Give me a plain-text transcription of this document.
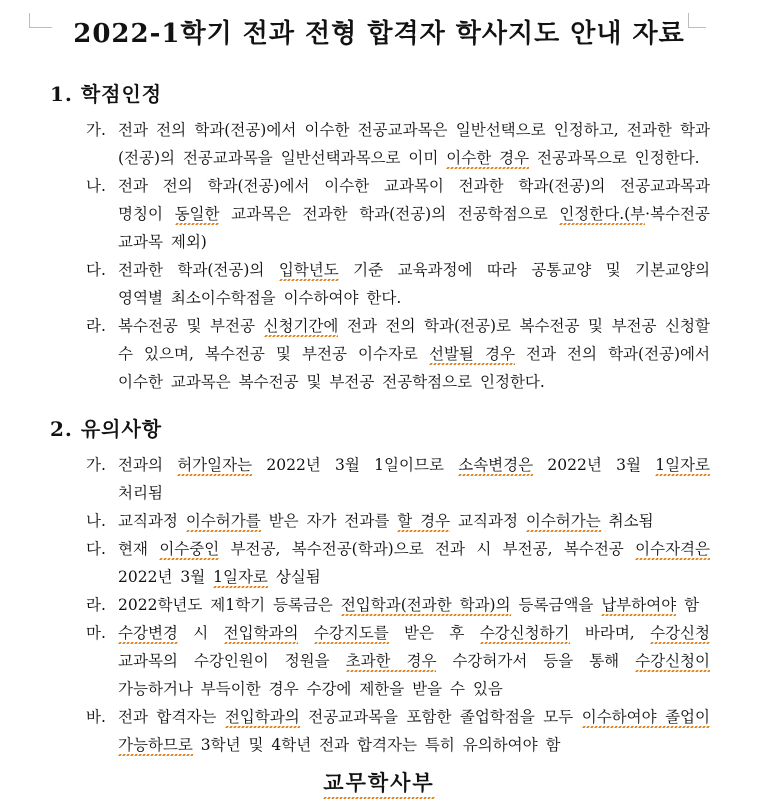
2022-1학기 전과 전형 합격자 학사지도 안내 자료
1. 학점인정
가. 전과 전의 학과(전공)에서 이수한 전공교과목은 일반선택으로 인정하고, 전과한 학과(전공)의 전공교과목을 일반선택과목으로 이미 이수한 경우 전공과목으로 인정한다.
나. 전과 전의 학과(전공)에서 이수한 교과목이 전과한 학과(전공)의 전공교과목과 명칭이 동일한 교과목은 전과한 학과(전공)의 전공학점으로 인정한다.(부·복수전공 교과목 제외)
다. 전과한 학과(전공)의 입학년도 기준 교육과정에 따라 공통교양 및 기본교양의 영역별 최소이수학점을 이수하여야 한다.
라. 복수전공 및 부전공 신청기간에 전과 전의 학과(전공)로 복수전공 및 부전공 신청할 수 있으며, 복수전공 및 부전공 이수자로 선발될 경우 전과 전의 학과(전공)에서 이수한 교과목은 복수전공 및 부전공 전공학점으로 인정한다.
2. 유의사항
가. 전과의 허가일자는 2022년 3월 1일이므로 소속변경은 2022년 3월 1일자로 처리됨
나. 교직과정 이수허가를 받은 자가 전과를 할 경우 교직과정 이수허가는 취소됨
다. 현재 이수중인 부전공, 복수전공(학과)으로 전과 시 부전공, 복수전공 이수자격은 2022년 3월 1일자로 상실됨
라. 2022학년도 제1학기 등록금은 전입학과(전과한 학과)의 등록금액을 납부하여야 함
마. 수강변경 시 전입학과의 수강지도를 받은 후 수강신청하기 바라며, 수강신청 교과목의 수강인원이 정원을 초과한 경우 수강허가서 등을 통해 수강신청이 가능하거나 부득이한 경우 수강에 제한을 받을 수 있음
바. 전과 합격자는 전입학과의 전공교과목을 포함한 졸업학점을 모두 이수하여야 졸업이 가능하므로 3학년 및 4학년 전과 합격자는 특히 유의하여야 함
교무학사부
